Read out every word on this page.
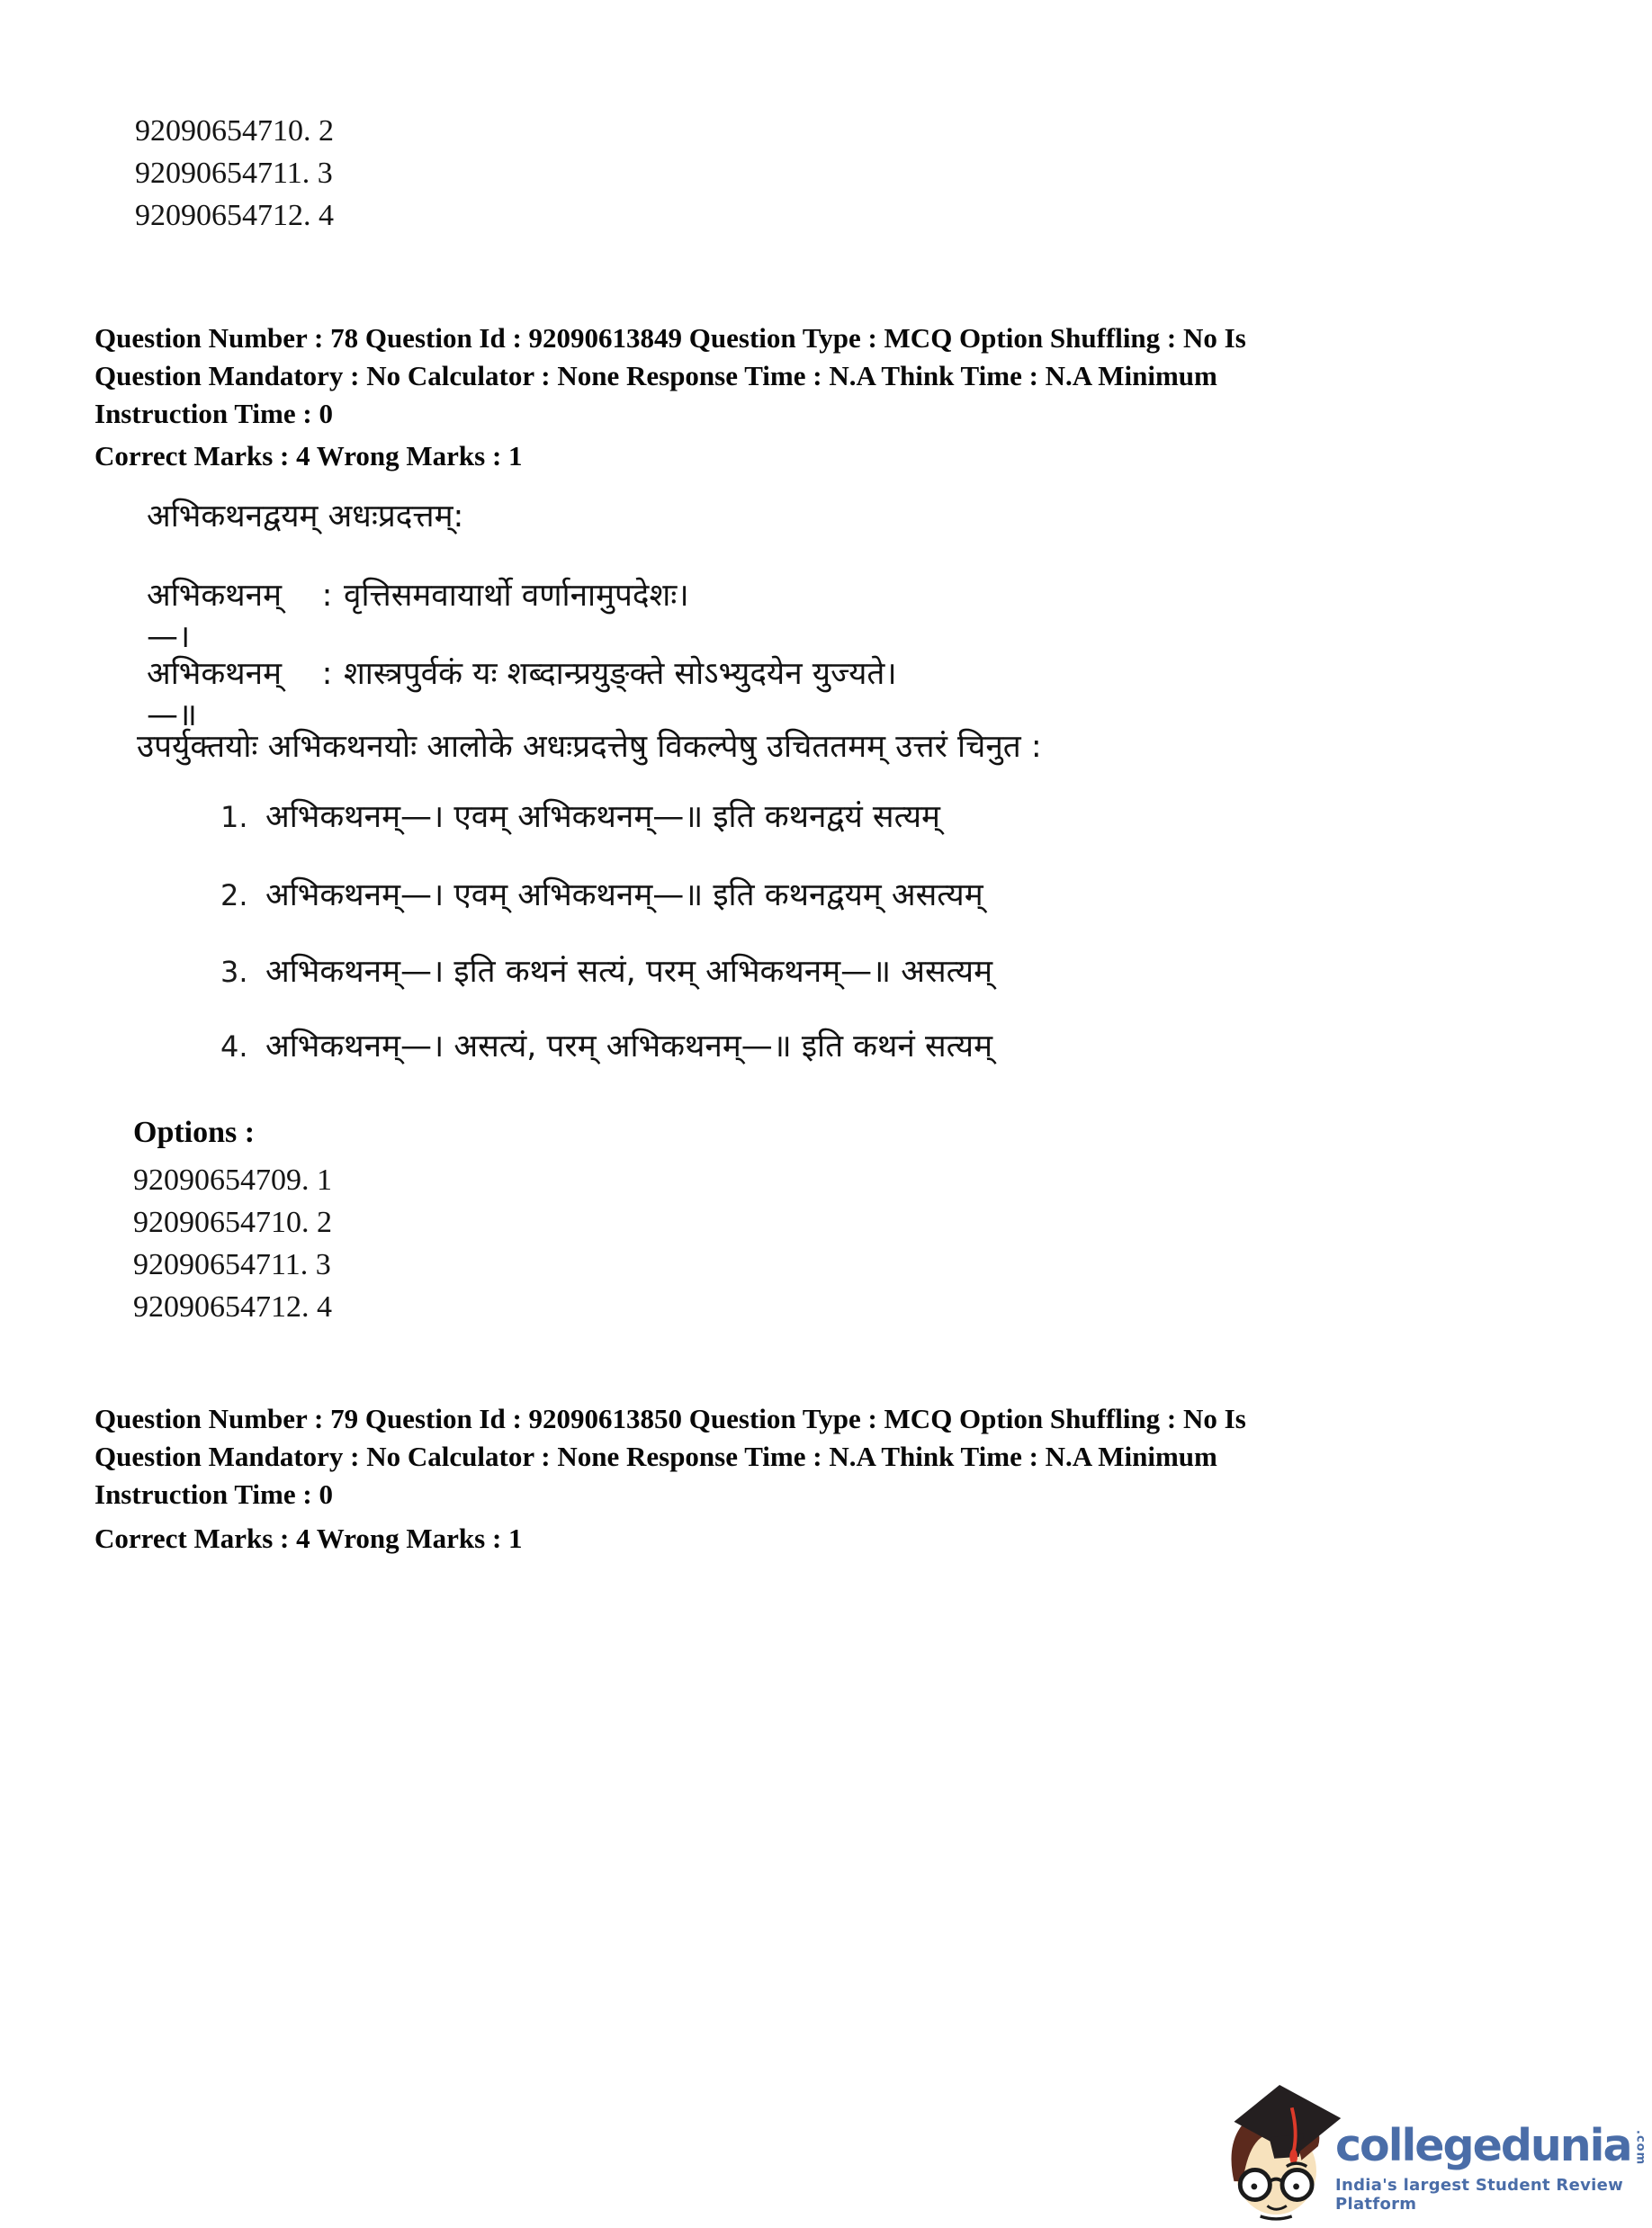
92090654710. 2
92090654711. 3
92090654712. 4
Question Number : 78 Question Id : 92090613849 Question Type : MCQ Option Shuffling : No Is
Question Mandatory : No Calculator : None Response Time : N.A Think Time : N.A Minimum
Instruction Time : 0
Correct Marks : 4 Wrong Marks : 1
अभिकथनद्वयम् अधःप्रदत्तम्:
अभिकथनम्—।
: वृत्तिसमवायार्थो वर्णानामुपदेशः।
अभिकथनम्—॥
: शास्त्रपुर्वकं यः शब्दान्प्रयुङ्क्ते सोऽभ्युदयेन युज्यते।
उपर्युक्तयोः अभिकथनयोः आलोके अधःप्रदत्तेषु विकल्पेषु उचिततमम् उत्तरं चिनुत :
1. अभिकथनम्—। एवम् अभिकथनम्—॥ इति कथनद्वयं सत्यम्
2. अभिकथनम्—। एवम् अभिकथनम्—॥ इति कथनद्वयम् असत्यम्
3. अभिकथनम्—। इति कथनं सत्यं, परम् अभिकथनम्—॥ असत्यम्
4. अभिकथनम्—। असत्यं, परम् अभिकथनम्—॥ इति कथनं सत्यम्
Options :
92090654709. 1
92090654710. 2
92090654711. 3
92090654712. 4
Question Number : 79 Question Id : 92090613850 Question Type : MCQ Option Shuffling : No Is
Question Mandatory : No Calculator : None Response Time : N.A Think Time : N.A Minimum
Instruction Time : 0
Correct Marks : 4 Wrong Marks : 1
collegedunia .com
India's largest Student Review Platform
